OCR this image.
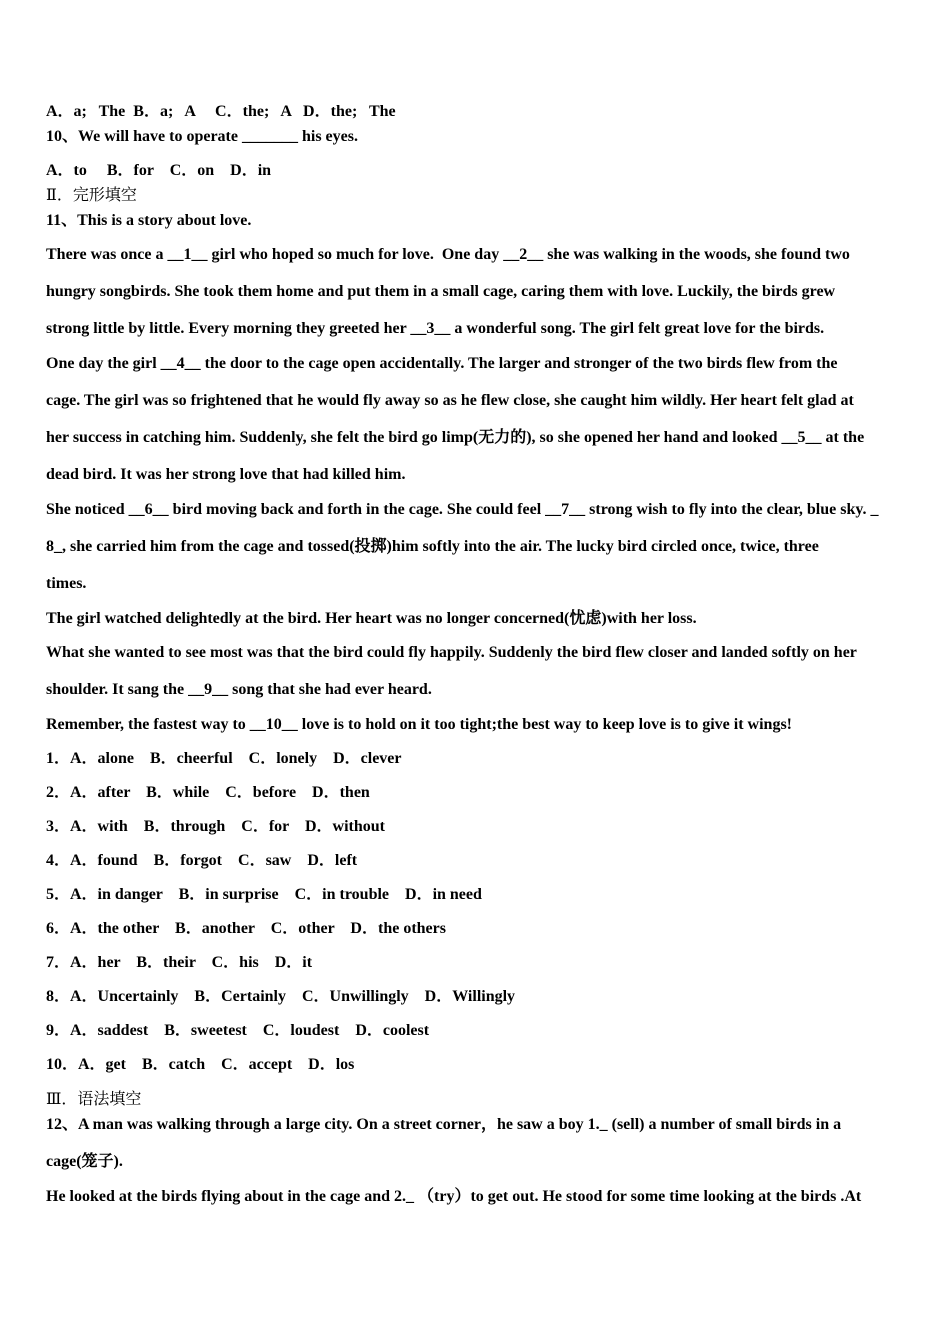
A．a;   The  B．a;   A     C．the;   A   D．the;   The
10、We will have to operate _______ his eyes.
A．to     B．for    C．on    D．in
Ⅱ．完形填空
11、This is a story about love.
There was once a __1__ girl who hoped so much for love.  One day __2__ she was walking in the woods, she found two
hungry songbirds. She took them home and put them in a small cage, caring them with love. Luckily, the birds grew
strong little by little. Every morning they greeted her __3__ a wonderful song. The girl felt great love for the birds.
One day the girl __4__ the door to the cage open accidentally. The larger and stronger of the two birds flew from the
cage. The girl was so frightened that he would fly away so as he flew close, she caught him wildly. Her heart felt glad at
her success in catching him. Suddenly, she felt the bird go limp(无力的), so she opened her hand and looked __5__ at the
dead bird. It was her strong love that had killed him.
She noticed __6__ bird moving back and forth in the cage. She could feel __7__ strong wish to fly into the clear, blue sky. _
8_, she carried him from the cage and tossed(投掷)him softly into the air. The lucky bird circled once, twice, three
times.
The girl watched delightedly at the bird. Her heart was no longer concerned(忧虑)with her loss.
What she wanted to see most was that the bird could fly happily. Suddenly the bird flew closer and landed softly on her
shoulder. It sang the __9__ song that she had ever heard.
Remember, the fastest way to __10__ love is to hold on it too tight;the best way to keep love is to give it wings!
1．A．alone    B．cheerful    C．lonely    D．clever
2．A．after    B．while    C．before    D．then
3．A．with    B．through    C．for    D．without
4．A．found    B．forgot    C．saw    D．left
5．A．in danger    B．in surprise    C．in trouble    D．in need
6．A．the other    B．another    C．other    D．the others
7．A．her    B．their    C．his    D．it
8．A．Uncertainly    B．Certainly    C．Unwillingly    D．Willingly
9．A．saddest    B．sweetest    C．loudest    D．coolest
10．A．get    B．catch    C．accept    D．los
Ⅲ．语法填空
12、A man was walking through a large city. On a street corner，he saw a boy 1._ (sell) a number of small birds in a
cage(笼子).
He looked at the birds flying about in the cage and 2._ （try）to get out. He stood for some time looking at the birds .At
